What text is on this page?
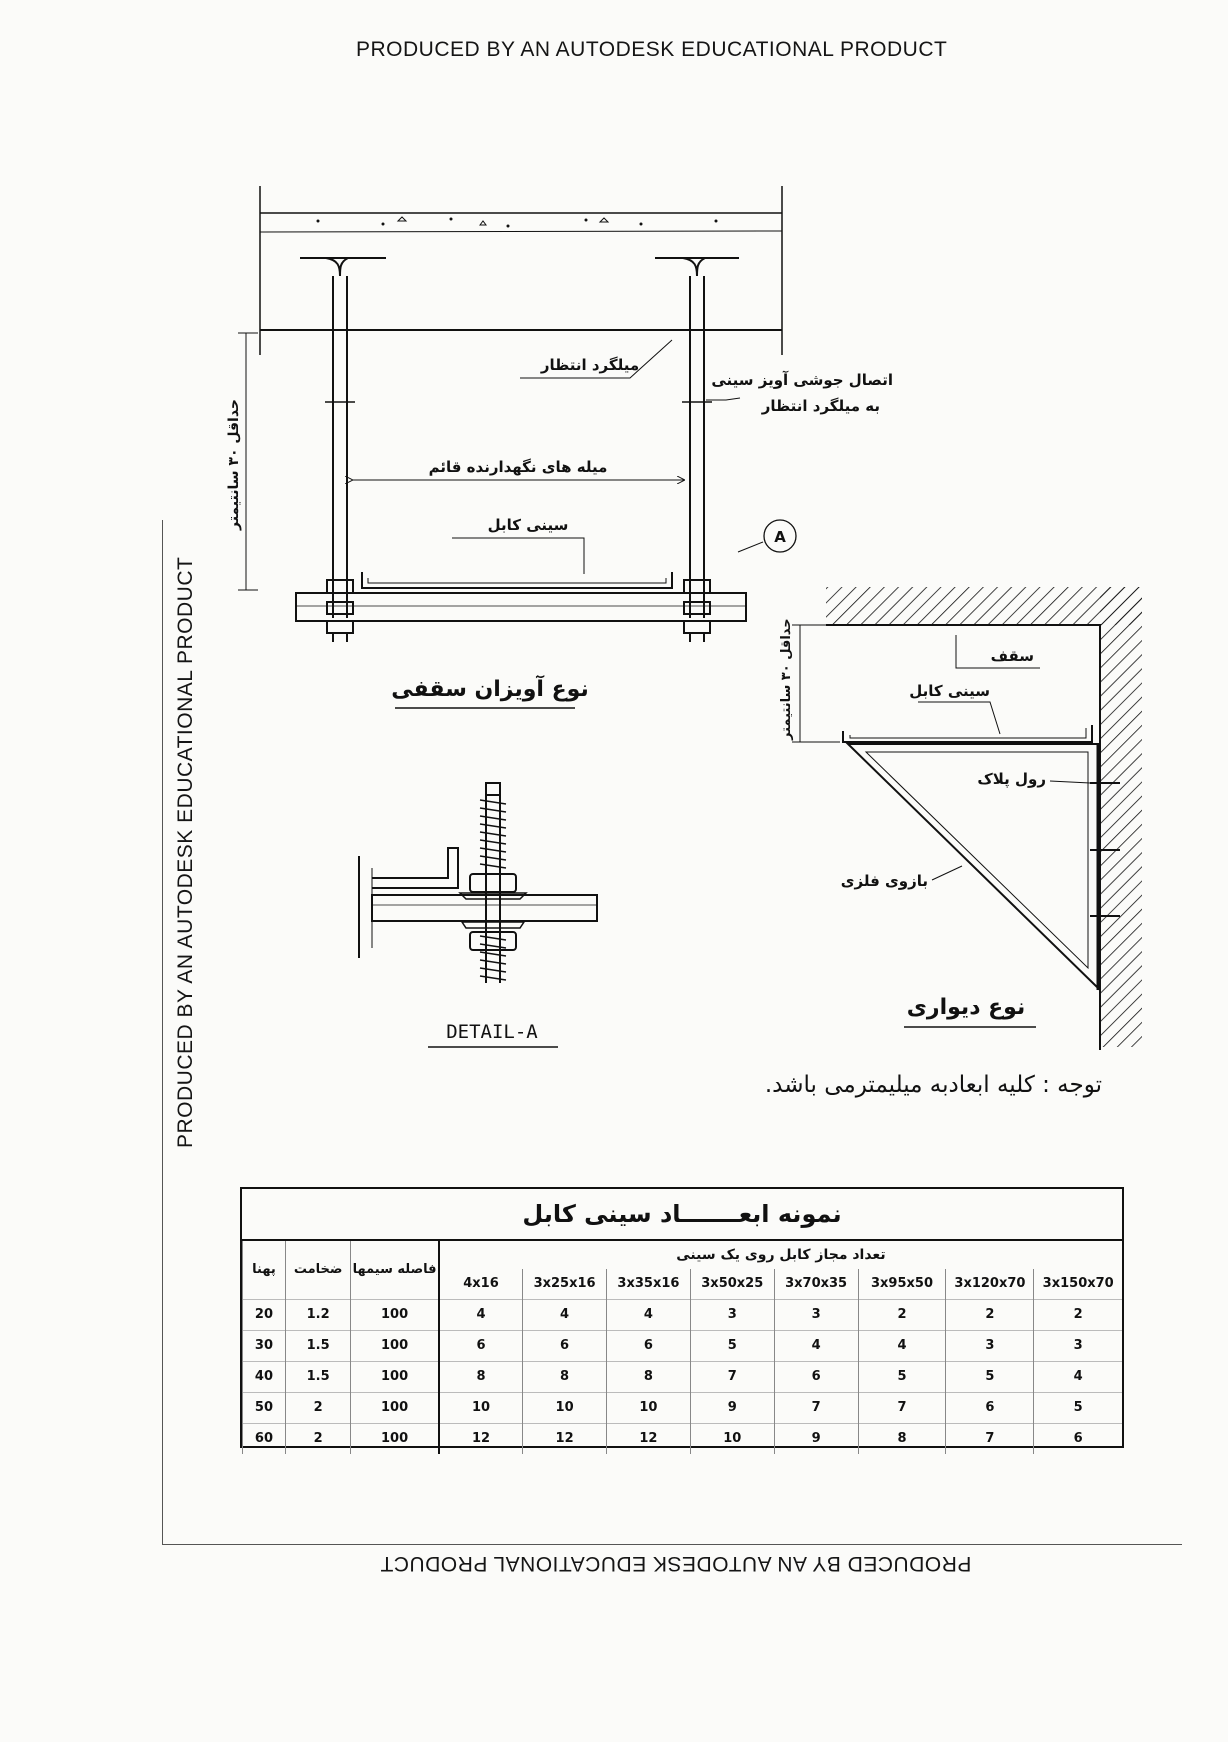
PRODUCED BY AN AUTODESK EDUCATIONAL PRODUCT
PRODUCED BY AN AUTODESK EDUCATIONAL PRODUCT
PRODUCED BY AN AUTODESK EDUCATIONAL PRODUCT
حداقل ۳۰ سانتیمتر
میله های نگهدارنده قائم
میلگرد انتظار
اتصال جوشی آویز سینی
به میلگرد انتظار
سینی کابل
A
نوع آویزان سقفی	حداقل ۳۰ سانتیمتر	سقف
سینی کابل
رول پلاک
بازوی فلزی
نوع دیواری
DETAIL-A
توجه : کلیه ابعادبه میلیمترمی باشد.
نمونه ابعـــــــاد سینی کابل
پهنا	ضخامت	فاصله سیمها	تعداد مجاز کابل روی یک سینی							
			4x16	3x25x16	3x35x16	3x50x25	3x70x35	3x95x50	3x120x70	3x150x70
20	1.2	100	4	4	4	3	3	2	2	2
30	1.5	100	6	6	6	5	4	4	3	3
40	1.5	100	8	8	8	7	6	5	5	4
50	2	100	10	10	10	9	7	7	6	5
60	2	100	12	12	12	10	9	8	7	6
